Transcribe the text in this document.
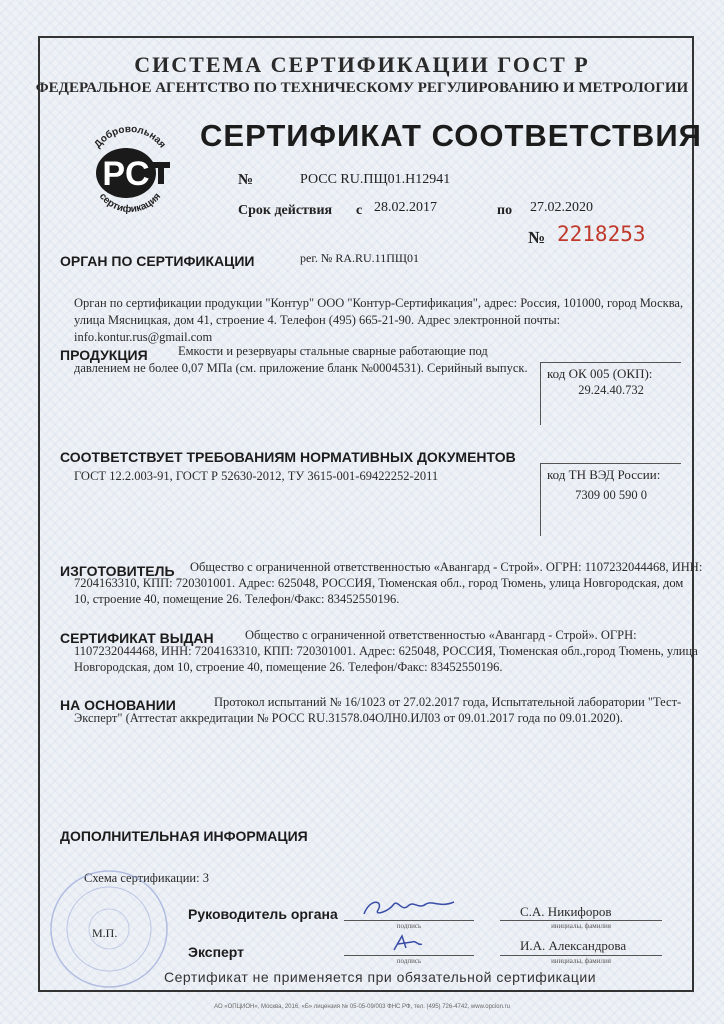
СИСТЕМА СЕРТИФИКАЦИИ ГОСТ Р
ФЕДЕРАЛЬНОЕ АГЕНТСТВО ПО ТЕХНИЧЕСКОМУ РЕГУЛИРОВАНИЮ И МЕТРОЛОГИИ
Добровольная
сертификация
PC
СЕРТИФИКАТ СООТВЕТСТВИЯ
№	РОСС RU.ПЩ01.Н12941
Срок действия с 28.02.2017	по 27.02.2020
№ 2218253
ОРГАН ПО СЕРТИФИКАЦИИ	рег. № RA.RU.11ПЩ01
Орган по сертификации продукции "Контур" ООО "Контур-Сертификация", адрес: Россия, 101000, город Москва, улица Мясницкая, дом 41, строение 4. Телефон (495) 665-21-90. Адрес электронной почты: info.kontur.rus@gmail.com
ПРОДУКЦИЯ Емкости и резервуары стальные сварные работающие под
давлением не более 0,07 МПа (см. приложение бланк №0004531). Серийный выпуск.	код ОК 005 (ОКП):
29.24.40.732
СООТВЕТСТВУЕТ ТРЕБОВАНИЯМ НОРМАТИВНЫХ ДОКУМЕНТОВ
ГОСТ 12.2.003-91, ГОСТ Р 52630-2012, ТУ 3615-001-69422252-2011	код ТН ВЭД России:
7309 00 590 0
ИЗГОТОВИТЕЛЬ Общество с ограниченной ответственностью «Авангард - Строй». ОГРН: 1107232044468, ИНН:
7204163310, КПП: 720301001. Адрес: 625048, РОССИЯ, Тюменская обл., город Тюмень, улица Новгородская, дом
10, строение 40, помещение 26. Телефон/Факс: 83452550196.
СЕРТИФИКАТ ВЫДАН	Общество с ограниченной ответственностью «Авангард - Строй». ОГРН:
1107232044468, ИНН: 7204163310, КПП: 720301001. Адрес: 625048, РОССИЯ, Тюменская обл.,город Тюмень, улица
Новгородская, дом 10, строение 40, помещение 26. Телефон/Факс: 83452550196.
НА ОСНОВАНИИ	Протокол испытаний № 16/1023 от 27.02.2017 года, Испытательной лаборатории "Тест-
Эксперт" (Аттестат аккредитации № РОСС RU.31578.04ОЛН0.ИЛ03 от 09.01.2017 года по 09.01.2020).
ДОПОЛНИТЕЛЬНАЯ ИНФОРМАЦИЯ
Схема сертификации: 3
М.П.
Руководитель органа
подпись
С.А. Никифоров
инициалы, фамилия
Эксперт
подпись
И.А. Александрова
инициалы, фамилия
Сертификат не применяется при обязательной сертификации
АО «ОПЦИОН», Москва, 2016, «Б» лицензия № 05-05-09/003 ФНС РФ, тел. (495) 726-4742, www.opcion.ru
